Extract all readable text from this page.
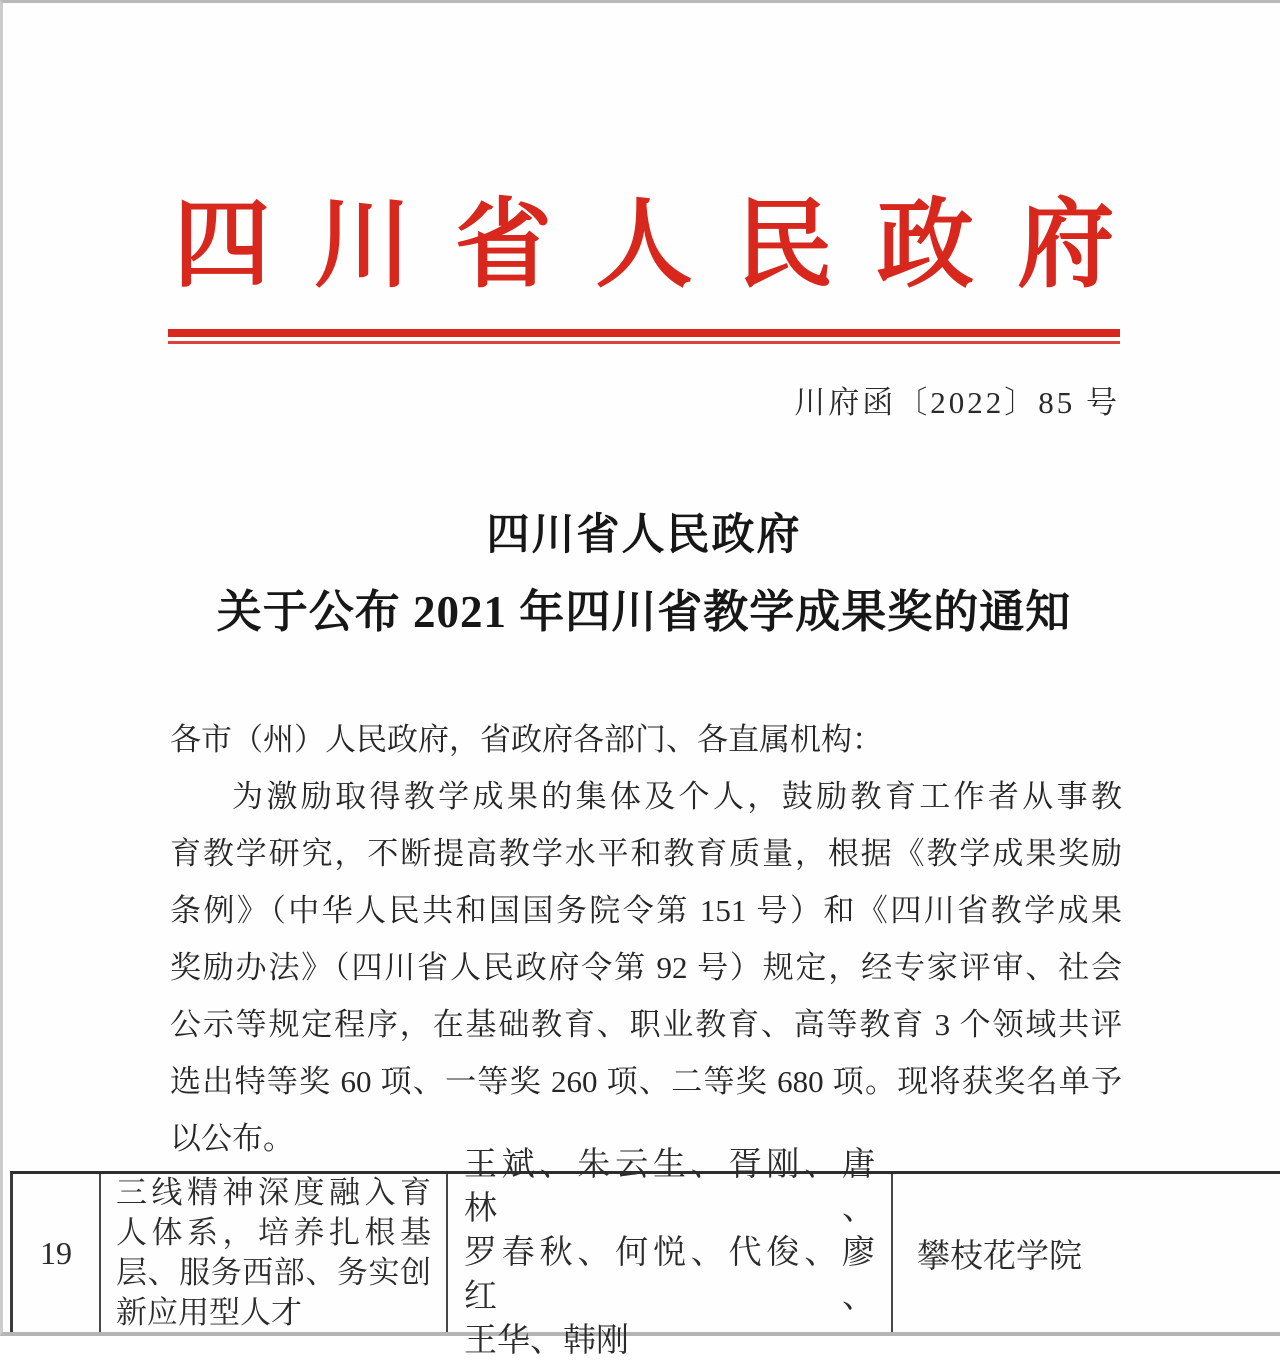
四川省人民政府
川府函〔2022〕85 号
四川省人民政府
关于公布 2021 年四川省教学成果奖的通知
各市（州）人民政府，省政府各部门、各直属机构：
为激励取得教学成果的集体及个人，鼓励教育工作者从事教
育教学研究，不断提高教学水平和教育质量，根据《教学成果奖励
条例》（中华人民共和国国务院令第 151 号）和《四川省教学成果
奖励办法》（四川省人民政府令第 92 号）规定，经专家评审、社会
公示等规定程序，在基础教育、职业教育、高等教育 3 个领域共评
选出特等奖 60 项、一等奖 260 项、二等奖 680 项。现将获奖名单予
以公布。
19
三线精神深度融入育
人体系，培养扎根基
层、服务西部、务实创
新应用型人才
王斌、朱云生、胥刚、唐林、
罗春秋、何悦、代俊、廖红、
王华、韩刚
攀枝花学院
